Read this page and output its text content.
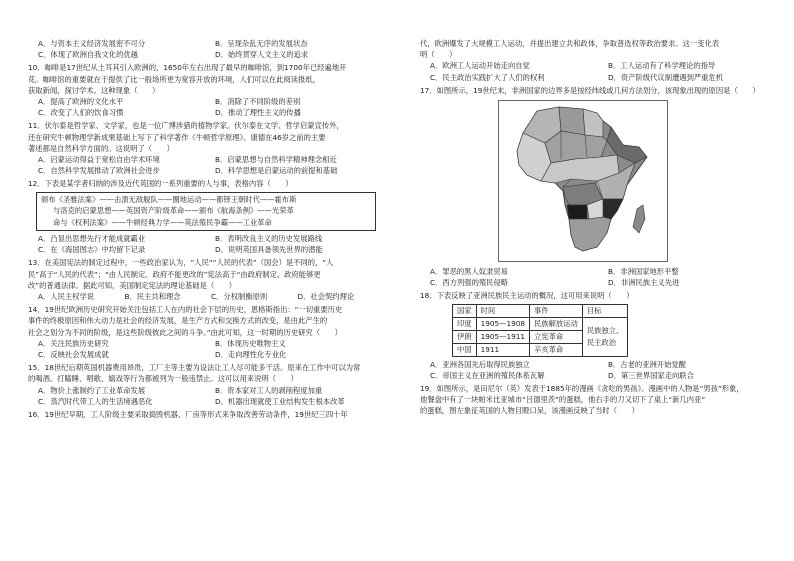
A．与资本主义经济发展密不可分	B．呈现杂乱无序的发展状态
C．体现了欧洲自我文化的优越	D．始终贯穿人文主义的追求
10．咖啡是17世纪从土耳其引入欧洲的，1650年左右出现了最早的咖啡馆，到1700年已经遍地开
花。咖啡馆的重要就在于提供了比一般场所更为宽容开放的环境，人们可以在此阅读报纸，
获取新闻，探讨学术。这种现象（　　）
A．提高了欧洲的文化水平	B．消除了不同阶级的差别
C．改变了人们的饮食习惯	D．推动了理性主义的传播
11．伏尔泰是哲学家、文学家，也是一位广博涉猎的植物学家。伏尔泰在文学、哲学启蒙宣传外，
还在研究牛顿物理学新成果基础上写下了科学著作《牛顿哲学原理》。康德在46岁之前的主要
著述都是自然科学方面的。这说明了（　　）
A．启蒙运动得益于宽松自由学术环境	B．启蒙思想与自然科学精神理念相近
C．自然科学发展推动了欧洲社会进步	D．科学思想是启蒙运动的前提和基础
12．下表是某学者归纳的涉及近代英国的一系列重要的人与事，表格内容（　　）
颁布《圣雅法案》——击溃无敌舰队——圈地运动——都铎王朝时代——霍布斯
与洛克的启蒙思想——英国资产阶级革命——颁布《航海条例》——光荣革
命与《权利法案》——牛顿经典力学——英法殖民争霸——工业革命
A．凸显出思想先行才能成就霸业	B．表明改良主义的历史发展路线
C．在《海国图志》中均留下记录	D．说明英国具备领先世界的潜能
13．在美国宪法的制定过程中，一些政治家认为，“人民”“人民的代表”（国会）是不同的，“人
民”高于“人民的代表”；“由人民制定、政府不能更改的”宪法高于“由政府制定、政府能够更
改”的普通法律。据此可知，美国制定宪法的理论基础是（　　）
A．人民主权学说	B．民主共和理念	C．分权制衡原则	D．社会契约理论
14．19世纪欧洲历史研究开始关注包括工人在内的社会下层的历史，恩格斯指出：“一切重要历史
事件的终极原因和伟大动力是社会的经济发展，是生产方式和交换方式的改变，是由此产生的
社会之划分为不同的阶级，是这些阶级彼此之间的斗争。”由此可知，这一时期的历史研究（　　）
A．关注民族历史研究	B．体现历史唯物主义
C．反映社会发展成就	D．走向理性化专业化
15．18世纪后期英国机器费用昂贵，工厂主等主要为设法让工人尽可能多干活。原来在工作中可以为常
的喝酒、打瞌睡、唱歌、嬉戏等行为都被列为一般违禁止。这可以用来说明（　　）
A．物价上涨制约了工业革命发展	B．资本家对工人的剥削程度加重
C．蒸汽时代带工人的生活境遇恶化	D．机器出现就使工业结构发生根本改革
16．19世纪早期，工人阶级主要采取捣毁机器、厂房等形式来争取改善劳动条件，19世纪三四十年
代，欧洲爆发了大规模工人运动，并提出建立共和政体，争取普选权等政治要求。这一变化表
明（　　）
A．欧洲工人运动开始走向自觉	B．工人运动有了科学理论的指导
C．民主政治实践扩大了人们的权利	D．资产阶级代议制遭遇到严重危机
17．如图所示，19世纪末，非洲国家的边界多是按经纬线或几何方法划分，该现象出现的原因是（　　）
A．罪恶的黑人奴隶贸易	B．非洲国家地形平整
C．西方列强的殖民侵略	D．非洲民族主义先进
18．下表反映了亚洲民族民主运动的概况，这可用来说明（　　）
国家	时间	事件	目标
印度	1905—1908	民族解放运动	民族独立、
民主政治

伊朗	1905—1911	立宪革命	
中国	1911	辛亥革命	
A．亚洲各国先后取得民族独立	B．古老的亚洲开始觉醒
C．帝国主义在亚洲的殖民体系瓦解	D．第三世界国家走向联合
19．如图所示，是田尼尔（英）发表于1885年的漫画《贪吃的男孩》。漫画中的人物是“男孩”形象，
他餐盘中有了一块帕米比亚城市“吕德里茨”的蛋糕，他右手的刀又切下了桌上“新几内亚”
的蛋糕，图左象征英国的人物目瞪口呆，该漫画反映了当时（　　）
